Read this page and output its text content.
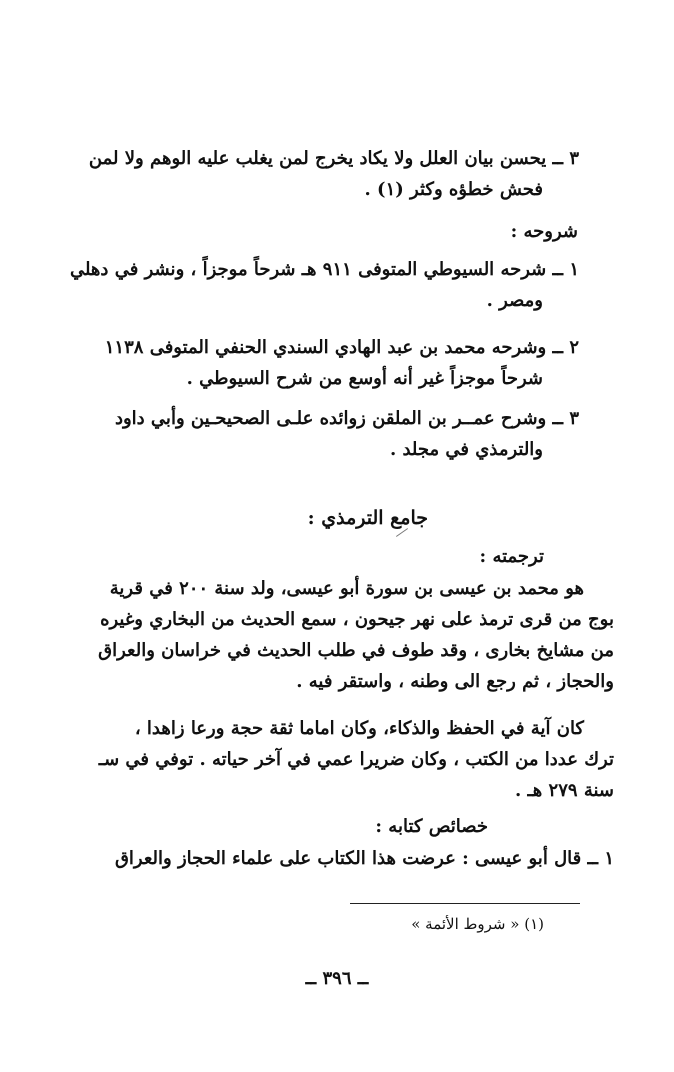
٣ ــ يحسن بيان العلل ولا يكاد يخرج لمن يغلب عليه الوهم ولا لمن
فحش خطؤه وكثر (١) .
شروحه :
١ ــ شرحه السيوطي المتوفى ٩١١ هـ شرحاً موجزاً ، ونشر في دهلي
ومصر .
٢ ــ وشرحه محمد بن عبد الهادي السندي الحنفي المتوفى ١١٣٨
شرحاً موجزاً غير أنه أوسع من شرح السيوطي .
٣ ــ وشرح عمــر بن الملقن زوائده علـى الصحيحـين وأبي داود
والترمذي في مجلد .
جامع الترمذي :
ترجمته :
هو محمد بن عيسى بن سورة أبو عيسى، ولد سنة ٢٠٠ في قرية
بوج من قرى ترمذ على نهر جيحون ، سمع الحديث من البخاري وغيره
من مشايخ بخارى ، وقد طوف في طلب الحديث في خراسان والعراق
والحجاز ، ثم رجع الى وطنه ، واستقر فيه .
كان آية في الحفظ والذكاء، وكان اماما ثقة حجة ورعا زاهدا ،
ترك عددا من الكتب ، وكان ضريرا عمي في آخر حياته . توفي في سـ
سنة ٢٧٩ هـ .
خصائص كتابه :
١ ــ قال أبو عيسى : عرضت هذا الكتاب على علماء الحجاز والعراق
(١) « شروط الأئمة »
ــ ٣٩٦ ــ
